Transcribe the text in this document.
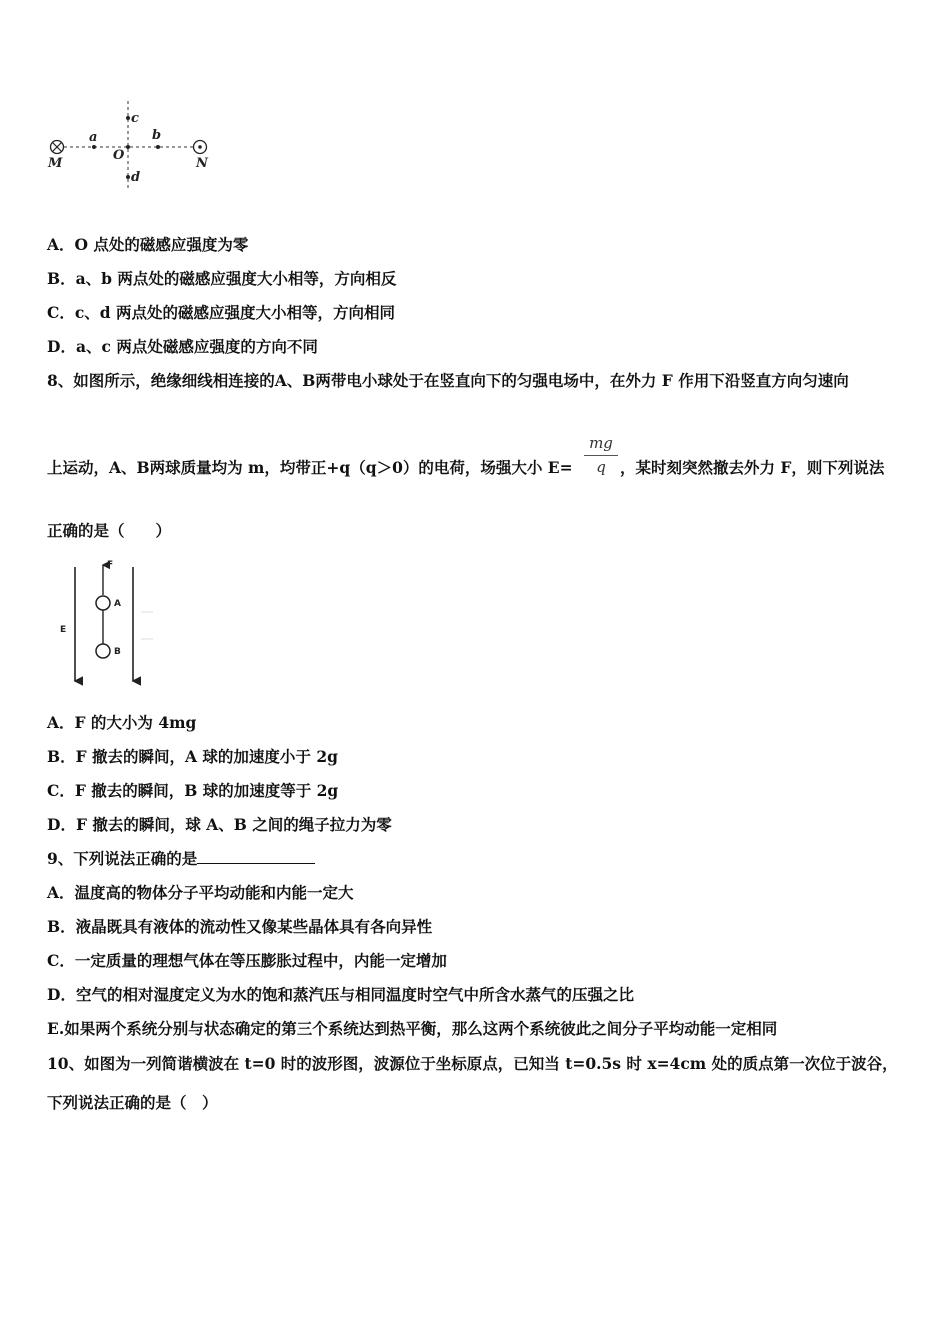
a	b
c
d
O
M	N
A．O 点处的磁感应强度为零
B．a、b 两点处的磁感应强度大小相等，方向相反
C．c、d 两点处的磁感应强度大小相等，方向相同
D．a、c 两点处磁感应强度的方向不同
8、如图所示，绝缘细线相连接的A、B两带电小球处于在竖直向下的匀强电场中，在外力 F 作用下沿竖直方向匀速向
上运动，A、B两球质量均为 m，均带正+q（q＞0）的电荷，场强大小 E=
mg
q ，某时刻突然撤去外力 F，则下列说法
正确的是（　　）
F
A
B
E
A．F 的大小为 4mg
B．F 撤去的瞬间，A 球的加速度小于 2g
C．F 撤去的瞬间，B 球的加速度等于 2g
D．F 撤去的瞬间，球 A、B 之间的绳子拉力为零
9、下列说法正确的是
A．温度高的物体分子平均动能和内能一定大
B．液晶既具有液体的流动性又像某些晶体具有各向异性
C．一定质量的理想气体在等压膨胀过程中，内能一定增加
D．空气的相对湿度定义为水的饱和蒸汽压与相同温度时空气中所含水蒸气的压强之比
E.如果两个系统分别与状态确定的第三个系统达到热平衡，那么这两个系统彼此之间分子平均动能一定相同
10、如图为一列简谐横波在 t=0 时的波形图，波源位于坐标原点，已知当 t=0.5s 时 x=4cm 处的质点第一次位于波谷，
下列说法正确的是（　）
